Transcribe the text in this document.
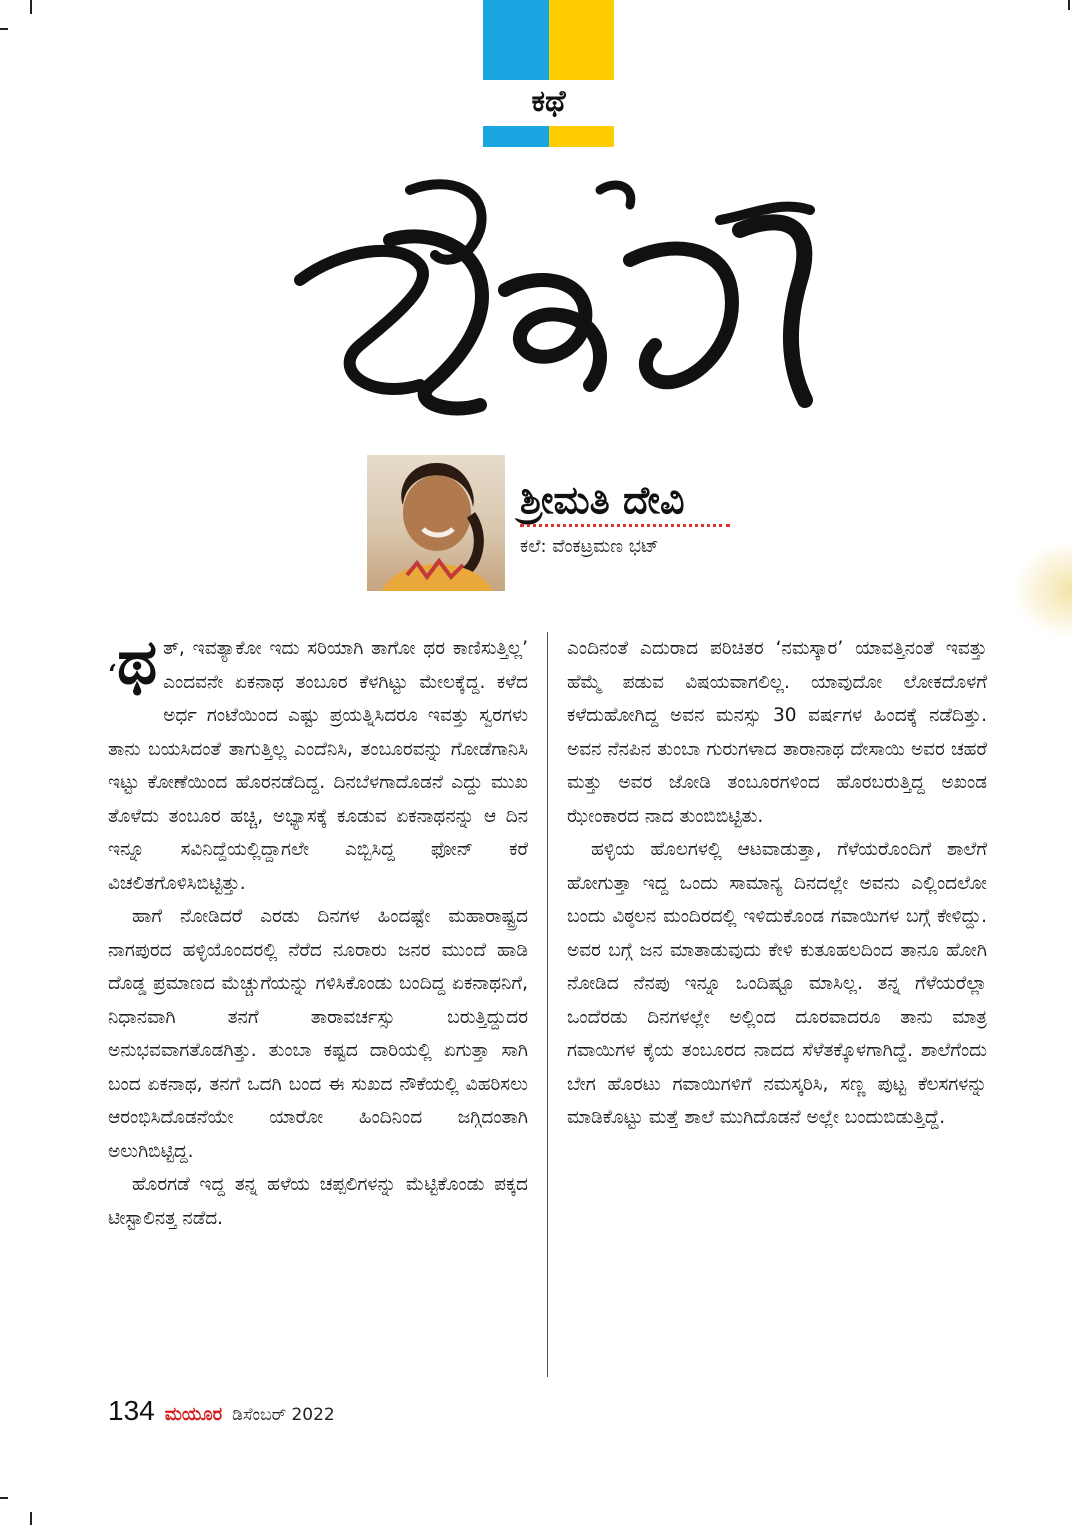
ಕಥೆ
ಶ್ರೀಮತಿ ದೇವಿ
ಕಲೆ: ವೆಂಕಟ್ರಮಣ ಭಟ್

‘ಥ ತ್, ಇವತ್ಯಾಕೋ ಇದು ಸರಿಯಾಗಿ ತಾಗೋ ಥರ ಕಾಣಿಸುತ್ತಿಲ್ಲ’ ಎಂದವನೇ ಏಕನಾಥ ತಂಬೂರ ಕೆಳಗಿಟ್ಟು ಮೇಲಕ್ಕೆದ್ದ. ಕಳೆದ ಅರ್ಧ ಗಂಟೆಯಿಂದ ಎಷ್ಟು ಪ್ರಯತ್ನಿಸಿದರೂ ಇವತ್ತು ಸ್ವರಗಳು ತಾನು ಬಯಸಿದಂತೆ ತಾಗುತ್ತಿಲ್ಲ ಎಂದೆನಿಸಿ, ತಂಬೂರವನ್ನು ಗೋಡೆಗಾನಿಸಿ ಇಟ್ಟು ಕೋಣೆಯಿಂದ ಹೊರನಡೆದಿದ್ದ. ದಿನಬೆಳಗಾದೊಡನೆ ಎದ್ದು ಮುಖ ತೊಳೆದು ತಂಬೂರ ಹಚ್ಚಿ, ಅಭ್ಯಾಸಕ್ಕೆ ಕೂಡುವ ಏಕನಾಥನನ್ನು ಆ ದಿನ ಇನ್ನೂ ಸವಿನಿದ್ದೆಯಲ್ಲಿದ್ದಾಗಲೇ ಎಬ್ಬಿಸಿದ್ದ ಫೋನ್ ಕರೆ ವಿಚಲಿತಗೊಳಿಸಿಬಿಟ್ಟಿತ್ತು.

ಹಾಗೆ ನೋಡಿದರೆ ಎರಡು ದಿನಗಳ ಹಿಂದಷ್ಟೇ ಮಹಾರಾಷ್ಟ್ರದ ನಾಗಪುರದ ಹಳ್ಳಿಯೊಂದರಲ್ಲಿ ನೆರೆದ ನೂರಾರು ಜನರ ಮುಂದೆ ಹಾಡಿ ದೊಡ್ಡ ಪ್ರಮಾಣದ ಮೆಚ್ಚುಗೆಯನ್ನು ಗಳಿಸಿಕೊಂಡು ಬಂದಿದ್ದ ಏಕನಾಥನಿಗೆ, ನಿಧಾನವಾಗಿ ತನಗೆ ತಾರಾವರ್ಚಸ್ಸು ಬರುತ್ತಿದ್ದುದರ ಅನುಭವವಾಗತೊಡಗಿತ್ತು. ತುಂಬಾ ಕಷ್ಟದ ದಾರಿಯಲ್ಲಿ ಏಗುತ್ತಾ ಸಾಗಿ ಬಂದ ಏಕನಾಥ, ತನಗೆ ಒದಗಿ ಬಂದ ಈ ಸುಖದ ನೌಕೆಯಲ್ಲಿ ವಿಹರಿಸಲು ಆರಂಭಿಸಿದೊಡನೆಯೇ ಯಾರೋ ಹಿಂದಿನಿಂದ ಜಗ್ಗಿದಂತಾಗಿ ಅಲುಗಿಬಿಟ್ಟಿದ್ದ.

ಹೊರಗಡೆ ಇದ್ದ ತನ್ನ ಹಳೆಯ ಚಪ್ಪಲಿಗಳನ್ನು ಮೆಟ್ಟಿಕೊಂಡು ಪಕ್ಕದ ಟೀಸ್ಟಾಲಿನತ್ತ ನಡೆದ.

ಎಂದಿನಂತೆ ಎದುರಾದ ಪರಿಚಿತರ ‘ನಮಸ್ಕಾರ’ ಯಾವತ್ತಿನಂತೆ ಇವತ್ತು ಹೆಮ್ಮೆ ಪಡುವ ವಿಷಯವಾಗಲಿಲ್ಲ. ಯಾವುದೋ ಲೋಕದೊಳಗೆ ಕಳೆದುಹೋಗಿದ್ದ ಅವನ ಮನಸ್ಸು 30 ವರ್ಷಗಳ ಹಿಂದಕ್ಕೆ ನಡೆದಿತ್ತು. ಅವನ ನೆನಪಿನ ತುಂಬಾ ಗುರುಗಳಾದ ತಾರಾನಾಥ ದೇಸಾಯಿ ಅವರ ಚಹರೆ ಮತ್ತು ಅವರ ಜೋಡಿ ತಂಬೂರಗಳಿಂದ ಹೊರಬರುತ್ತಿದ್ದ ಅಖಂಡ ಝೇಂಕಾರದ ನಾದ ತುಂಬಿಬಿಟ್ಟಿತು.

ಹಳ್ಳಿಯ ಹೊಲಗಳಲ್ಲಿ ಆಟವಾಡುತ್ತಾ, ಗೆಳೆಯರೊಂದಿಗೆ ಶಾಲೆಗೆ ಹೋಗುತ್ತಾ ಇದ್ದ ಒಂದು ಸಾಮಾನ್ಯ ದಿನದಲ್ಲೇ ಅವನು ಎಲ್ಲಿಂದಲೋ ಬಂದು ವಿಠ್ಠಲನ ಮಂದಿರದಲ್ಲಿ ಇಳಿದುಕೊಂಡ ಗವಾಯಿಗಳ ಬಗ್ಗೆ ಕೇಳಿದ್ದು. ಅವರ ಬಗ್ಗೆ ಜನ ಮಾತಾಡುವುದು ಕೇಳಿ ಕುತೂಹಲದಿಂದ ತಾನೂ ಹೋಗಿ ನೋಡಿದ ನೆನಪು ಇನ್ನೂ ಒಂದಿಷ್ಟೂ ಮಾಸಿಲ್ಲ. ತನ್ನ ಗೆಳೆಯರೆಲ್ಲಾ ಒಂದೆರಡು ದಿನಗಳಲ್ಲೇ ಅಲ್ಲಿಂದ ದೂರವಾದರೂ ತಾನು ಮಾತ್ರ ಗವಾಯಿಗಳ ಕೈಯ ತಂಬೂರದ ನಾದದ ಸೆಳೆತಕ್ಕೊಳಗಾಗಿದ್ದೆ. ಶಾಲೆಗೆಂದು ಬೇಗ ಹೊರಟು ಗವಾಯಿಗಳಿಗೆ ನಮಸ್ಕರಿಸಿ, ಸಣ್ಣ ಪುಟ್ಟ ಕೆಲಸಗಳನ್ನು ಮಾಡಿಕೊಟ್ಟು ಮತ್ತೆ ಶಾಲೆ ಮುಗಿದೊಡನೆ ಅಲ್ಲೇ ಬಂದುಬಿಡುತ್ತಿದ್ದೆ.

134 ಮಯೂರ ಡಿಸೆಂಬರ್ 2022
